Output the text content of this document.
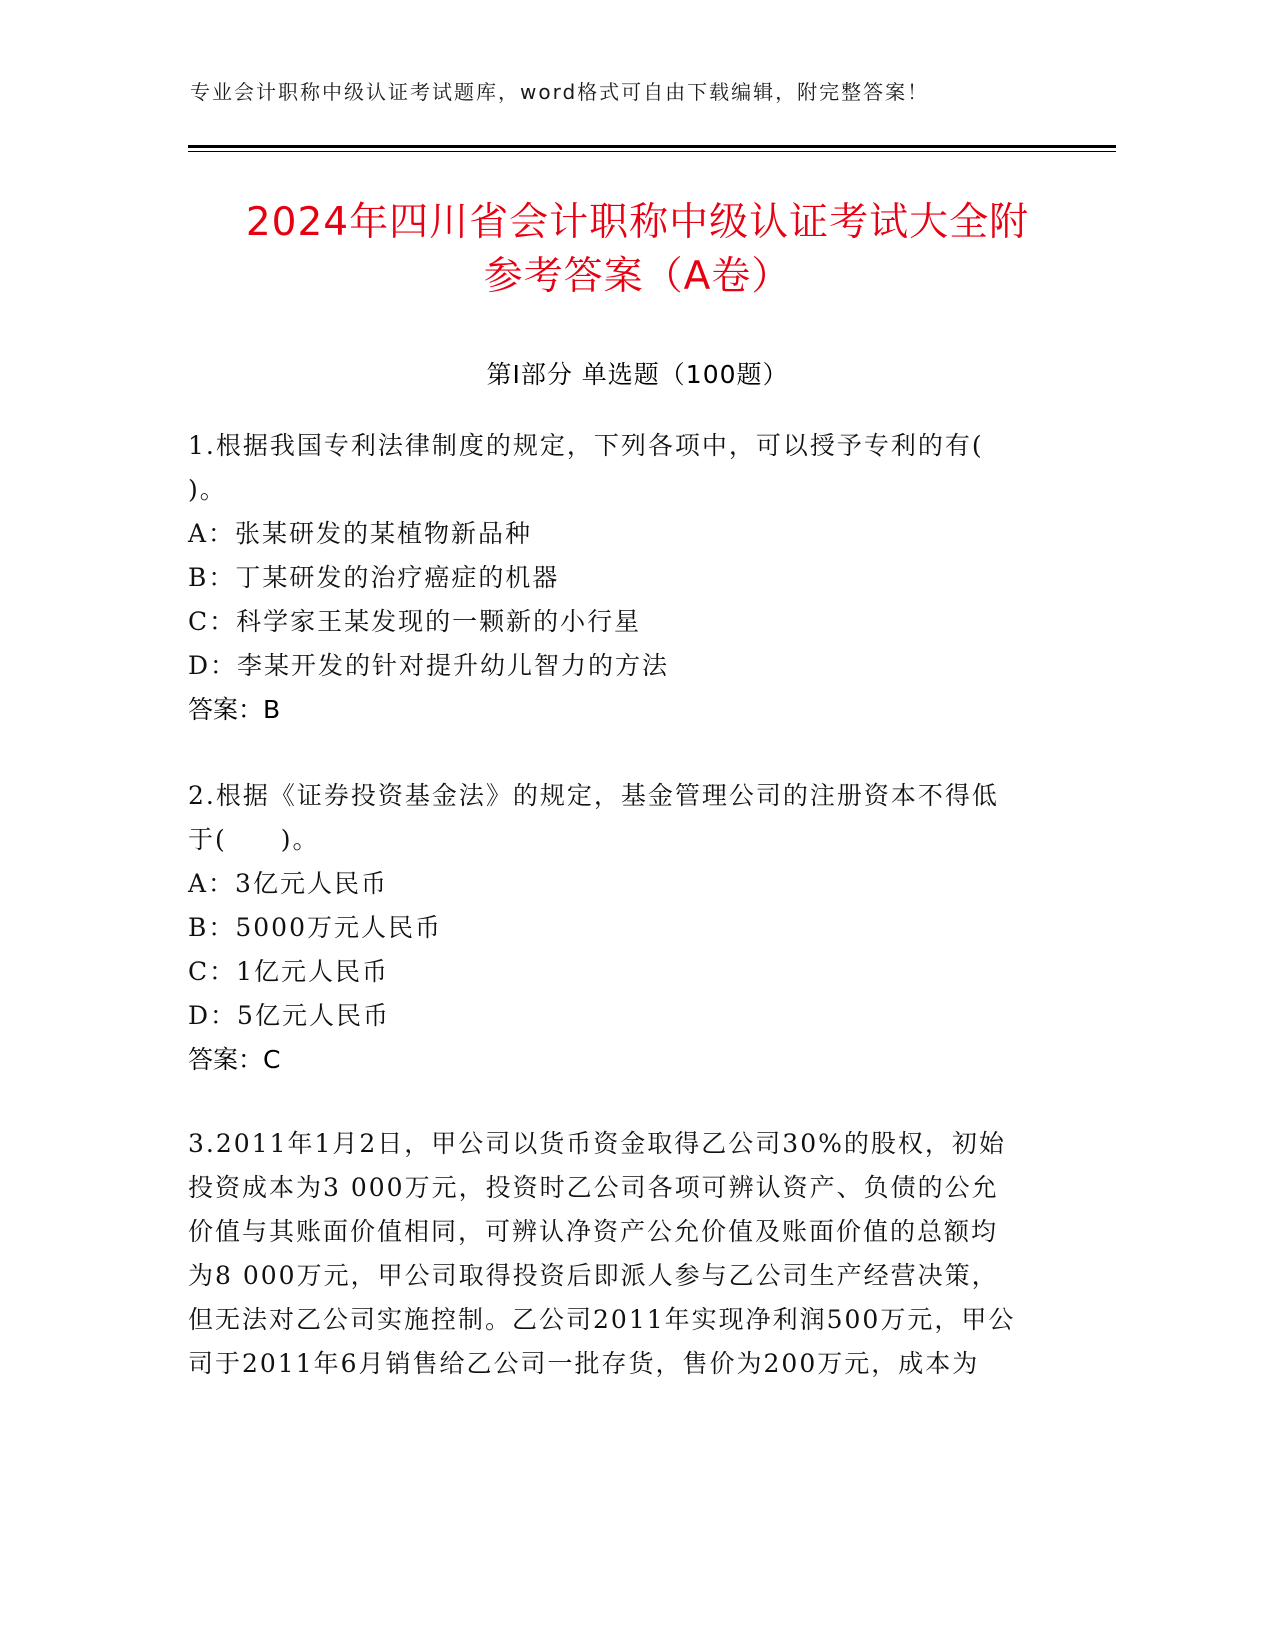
专业会计职称中级认证考试题库，word格式可自由下载编辑，附完整答案！
2024年四川省会计职称中级认证考试大全附
参考答案（A卷）
第Ⅰ部分 单选题（100题）
1.根据我国专利法律制度的规定，下列各项中，可以授予专利的有(
)。
A：张某研发的某植物新品种
B：丁某研发的治疗癌症的机器
C：科学家王某发现的一颗新的小行星
D：李某开发的针对提升幼儿智力的方法
答案：B
2.根据《证券投资基金法》的规定，基金管理公司的注册资本不得低
于(　　)。
A：3亿元人民币
B：5000万元人民币
C：1亿元人民币
D：5亿元人民币
答案：C
3.2011年1月2日，甲公司以货币资金取得乙公司30%的股权，初始
投资成本为3 000万元，投资时乙公司各项可辨认资产、负债的公允
价值与其账面价值相同，可辨认净资产公允价值及账面价值的总额均
为8 000万元，甲公司取得投资后即派人参与乙公司生产经营决策，
但无法对乙公司实施控制。乙公司2011年实现净利润500万元，甲公
司于2011年6月销售给乙公司一批存货，售价为200万元，成本为
